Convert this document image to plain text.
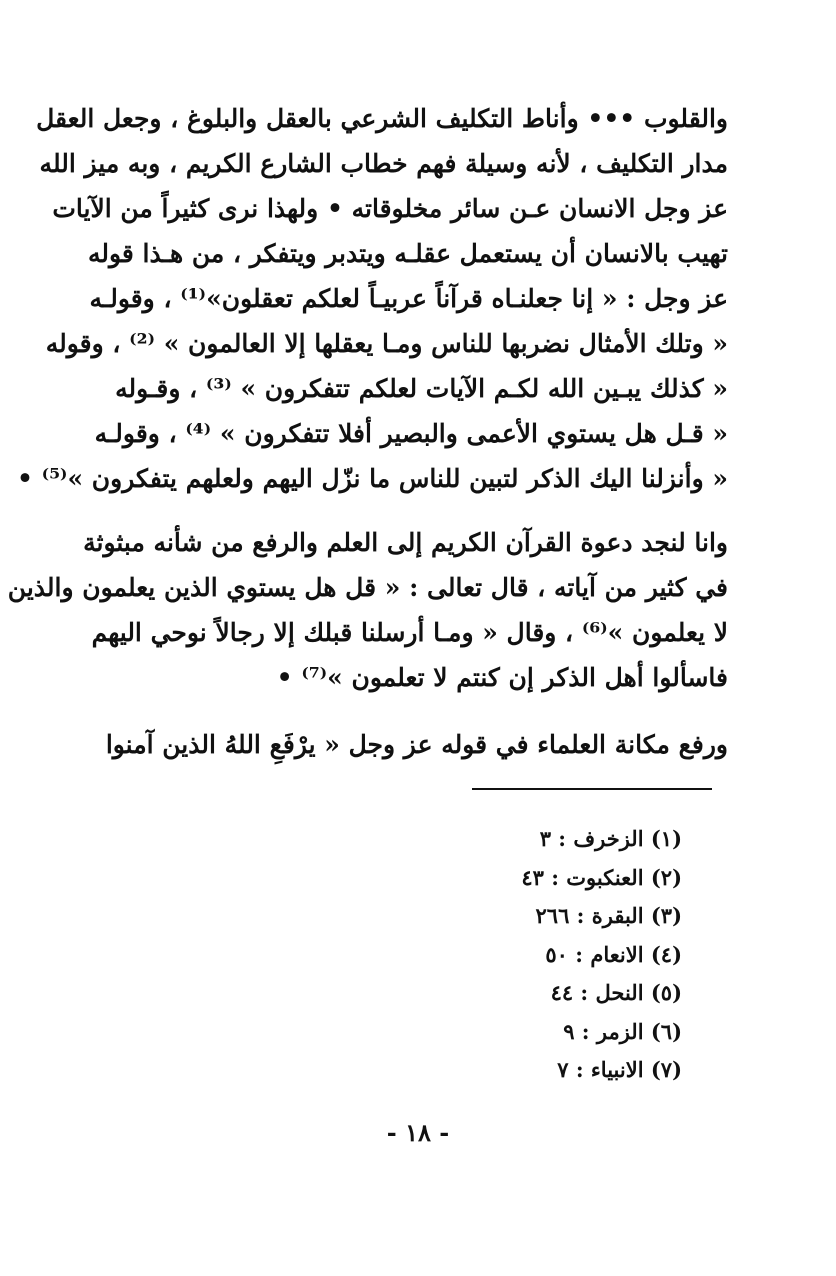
والقلوب ••• وأناط التكليف الشرعي بالعقل والبلوغ ، وجعل العقل
مدار التكليف ، لأنه وسيلة فهم خطاب الشارع الكريم ، وبه ميز الله
عز وجل الانسان عـن سائر مخلوقاته • ولهذا نرى كثيراً من الآيات
تهيب بالانسان أن يستعمل عقلـه ويتدبر ويتفكر ، من هـذا قوله
عز وجل : « إنا جعلنـاه قرآناً عربيـاً لعلكم تعقلون»⁽¹⁾ ، وقولـه
« وتلك الأمثال نضربها للناس ومـا يعقلها إلا العالمون » ⁽²⁾ ، وقوله
« كذلك يبـين الله لكـم الآيات لعلكم تتفكرون » ⁽³⁾ ، وقـوله
« قـل هل يستوي الأعمى والبصير أفلا تتفكرون » ⁽⁴⁾ ، وقولـه
« وأنزلنا اليك الذكر لتبين للناس ما نزّل اليهم ولعلهم يتفكرون »⁽⁵⁾ •
وانا لنجد دعوة القرآن الكريم إلى العلم والرفع من شأنه مبثوثة
في كثير من آياته ، قال تعالى : « قل هل يستوي الذين يعلمون والذين
لا يعلمون »⁽⁶⁾ ، وقال « ومـا أرسلنا قبلك إلا رجالاً نوحي اليهم
فاسألوا أهل الذكر إن كنتم لا تعلمون »⁽⁷⁾ •
ورفع مكانة العلماء في قوله عز وجل « يرْفَعِ اللهُ الذين آمنوا
(١) الزخرف : ٣
(٢) العنكبوت : ٤٣
(٣) البقرة : ٢٦٦
(٤) الانعام : ٥٠
(٥) النحل : ٤٤
(٦) الزمر : ٩
(٧) الانبياء : ٧
- ١٨ -
